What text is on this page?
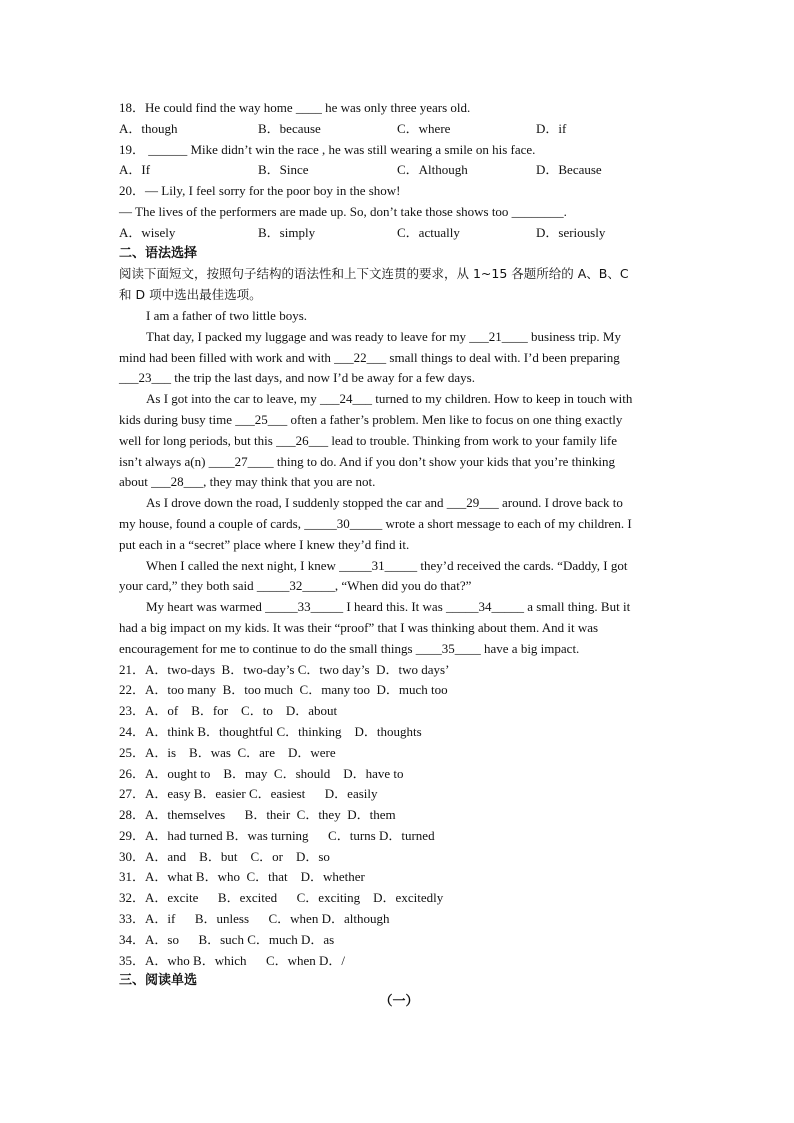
18．He could find the way home ____ he was only three years old.
A．though	B．because	C．where	D．if
19． ______ Mike didn’t win the race , he was still wearing a smile on his face.
A．If	B．Since	C．Although	D．Because
20．— Lily, I feel sorry for the poor boy in the show!
— The lives of the performers are made up. So, don’t take those shows too ________.
A．wisely	B．simply	C．actually	D．seriously
二、语法选择
阅读下面短文，按照句子结构的语法性和上下文连贯的要求，从 1~15 各题所给的 A、B、C
和 D 项中选出最佳选项。
I am a father of two little boys.
That day, I packed my luggage and was ready to leave for my ___21____ business trip. My
mind had been filled with work and with ___22___ small things to deal with. I’d been preparing
___23___ the trip the last days, and now I’d be away for a few days.
As I got into the car to leave, my ___24___ turned to my children. How to keep in touch with
kids during busy time ___25___ often a father’s problem. Men like to focus on one thing exactly
well for long periods, but this ___26___ lead to trouble. Thinking from work to your family life
isn’t always a(n) ____27____ thing to do. And if you don’t show your kids that you’re thinking
about ___28___, they may think that you are not.
As I drove down the road, I suddenly stopped the car and ___29___ around. I drove back to
my house, found a couple of cards, _____30_____ wrote a short message to each of my children. I
put each in a “secret” place where I knew they’d find it.
When I called the next night, I knew _____31_____ they’d received the cards. “Daddy, I got
your card,” they both said _____32_____, “When did you do that?”
My heart was warmed _____33_____ I heard this. It was _____34_____ a small thing. But it
had a big impact on my kids. It was their “proof” that I was thinking about them. And it was
encouragement for me to continue to do the small things ____35____ have a big impact.
21．A．two-days  B．two-day’s C．two day’s  D．two days’
22．A．too many  B．too much  C．many too  D．much too
23．A．of    B．for    C．to    D．about
24．A．think B．thoughtful C．thinking    D．thoughts
25．A．is    B．was  C．are    D．were
26．A．ought to    B．may  C．should    D．have to
27．A．easy B．easier C．easiest      D．easily
28．A．themselves      B．their  C．they  D．them
29．A．had turned B．was turning      C．turns D．turned
30．A．and    B．but    C．or    D．so
31．A．what B．who  C．that    D．whether
32．A．excite      B．excited      C．exciting    D．excitedly
33．A．if      B．unless      C．when D．although
34．A．so      B．such C．much D．as
35．A．who B．which      C．when D．/
三、阅读单选
（一）
